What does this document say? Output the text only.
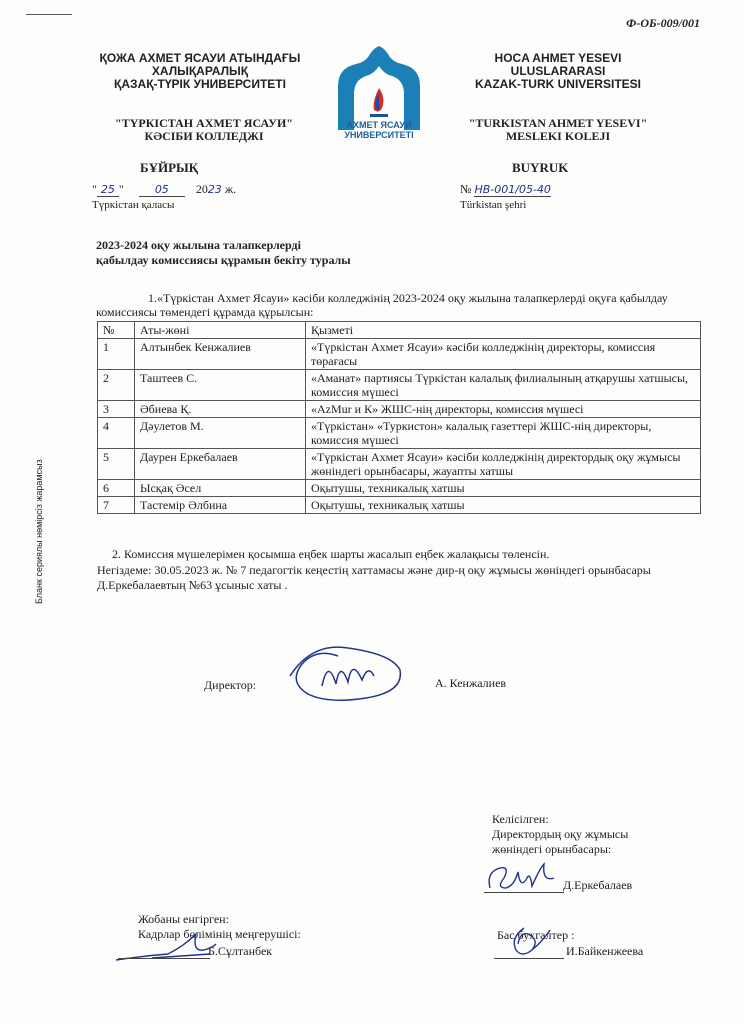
Ф-ОБ-009/001
ҚОЖА АХМЕТ ЯСАУИ АТЫНДАҒЫ
ХАЛЫҚАРАЛЫҚ
ҚАЗАҚ-ТҮРІК УНИВЕРСИТЕТІ
АХМЕТ ЯСАУИ
УНИВЕРСИТЕТІ
HOCA AHMET YESEVI
ULUSLARARASI
KAZAK-TURK UNIVERSITESI
"ТҮРКІСТАН АХМЕТ ЯСАУИ"
КӘСІБИ КОЛЛЕДЖІ
"TURKISTAN AHMET YESEVI"
MESLEKI KOLEJI
БҰЙРЫҚ	BUYRUK
" 25 "	05 2023 ж.
Түркістан қаласы
№ НВ-001/05-40
Türkistan şehri
2023-2024 оқу жылына талапкерлерді
қабылдау комиссиясы құрамын бекіту туралы
1.«Түркістан Ахмет Ясауи» кәсіби колледжінің 2023-2024 оқу жылына талапкерлерді оқуға қабылдау комиссиясы төмендегі құрамда құрылсын:
№	Аты-жөні	Қызметі
1	Алтынбек Кенжалиев	«Түркістан Ахмет Ясауи» кәсіби колледжінің директоры, комиссия төрағасы
2	Таштеев С.	«Аманат» партиясы Түркістан калалық филиалының атқарушы хатшысы, комиссия мүшесі
3	Әбиева Қ.	«AzMur и К» ЖШС-нің директоры, комиссия мүшесі
4	Дәулетов М.	«Түркістан» «Туркистон» калалық газеттері ЖШС-нің директоры, комиссия мүшесі
5	Даурен Еркебалаев	«Түркістан Ахмет Ясауи» кәсіби колледжінің директордық оқу жұмысы жөніндегі орынбасары, жауапты хатшы
6	Ысқақ Әсел	Оқытушы, техникалық хатшы
7	Тастемір Әлбина	Оқытушы, техникалық хатшы
2. Комиссия мүшелерімен қосымша еңбек шарты жасалып еңбек жалақысы төленсін.
Негіздеме: 30.05.2023 ж. № 7 педагогтік кеңестің хаттамасы және дир-ң оқу жұмысы жөніндегі орынбасары Д.Еркебалаевтың №63 ұсыныс хаты .
Бланк сериялы нөмірсіз жарамсыз
Директор:	А. Кенжалиев
Келісілген:
Директордың оқу жұмысы
жөніндегі орынбасары:
Д.Еркебалаев
Жобаны енгірген:
Кадрлар бөлімінің меңгерушісі:
Б.Сұлтанбек
Бас бухгалтер :
И.Байкенжеева
